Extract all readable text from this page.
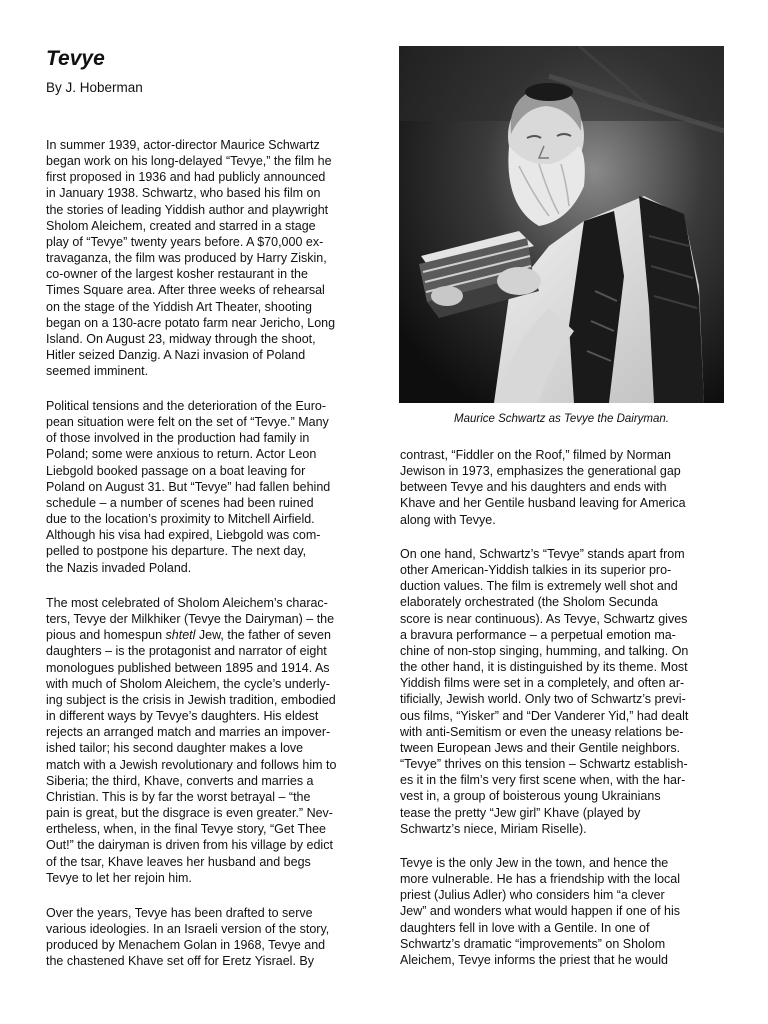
Tevye

By J. Hoberman

In summer 1939, actor-director Maurice Schwartz
began work on his long-delayed “Tevye,” the film he
first proposed in 1936 and had publicly announced
in January 1938. Schwartz, who based his film on
the stories of leading Yiddish author and playwright
Sholom Aleichem, created and starred in a stage
play of “Tevye” twenty years before. A $70,000 ex-
travaganza, the film was produced by Harry Ziskin,
co-owner of the largest kosher restaurant in the
Times Square area. After three weeks of rehearsal
on the stage of the Yiddish Art Theater, shooting
began on a 130-acre potato farm near Jericho, Long
Island. On August 23, midway through the shoot,
Hitler seized Danzig. A Nazi invasion of Poland
seemed imminent.

Political tensions and the deterioration of the Euro-
pean situation were felt on the set of “Tevye.” Many
of those involved in the production had family in
Poland; some were anxious to return. Actor Leon
Liebgold booked passage on a boat leaving for
Poland on August 31. But “Tevye” had fallen behind
schedule – a number of scenes had been ruined
due to the location’s proximity to Mitchell Airfield.
Although his visa had expired, Liebgold was com-
pelled to postpone his departure. The next day,
the Nazis invaded Poland.

The most celebrated of Sholom Aleichem’s charac-
ters, Tevye der Milkhiker (Tevye the Dairyman) – the
pious and homespun shtetl Jew, the father of seven
daughters – is the protagonist and narrator of eight
monologues published between 1895 and 1914. As
with much of Sholom Aleichem, the cycle’s underly-
ing subject is the crisis in Jewish tradition, embodied
in different ways by Tevye’s daughters. His eldest
rejects an arranged match and marries an impover-
ished tailor; his second daughter makes a love
match with a Jewish revolutionary and follows him to
Siberia; the third, Khave, converts and marries a
Christian. This is by far the worst betrayal – “the
pain is great, but the disgrace is even greater.” Nev-
ertheless, when, in the final Tevye story, “Get Thee
Out!” the dairyman is driven from his village by edict
of the tsar, Khave leaves her husband and begs
Tevye to let her rejoin him.

Over the years, Tevye has been drafted to serve
various ideologies. In an Israeli version of the story,
produced by Menachem Golan in 1968, Tevye and
the chastened Khave set off for Eretz Yisrael. By

Maurice Schwartz as Tevye the Dairyman.

contrast, “Fiddler on the Roof,” filmed by Norman
Jewison in 1973, emphasizes the generational gap
between Tevye and his daughters and ends with
Khave and her Gentile husband leaving for America
along with Tevye.

On one hand, Schwartz’s “Tevye” stands apart from
other American-Yiddish talkies in its superior pro-
duction values. The film is extremely well shot and
elaborately orchestrated (the Sholom Secunda
score is near continuous). As Tevye, Schwartz gives
a bravura performance – a perpetual emotion ma-
chine of non-stop singing, humming, and talking. On
the other hand, it is distinguished by its theme. Most
Yiddish films were set in a completely, and often ar-
tificially, Jewish world. Only two of Schwartz’s previ-
ous films, “Yisker” and “Der Vanderer Yid,” had dealt
with anti-Semitism or even the uneasy relations be-
tween European Jews and their Gentile neighbors.
“Tevye” thrives on this tension – Schwartz establish-
es it in the film’s very first scene when, with the har-
vest in, a group of boisterous young Ukrainians
tease the pretty “Jew girl” Khave (played by
Schwartz’s niece, Miriam Riselle).

Tevye is the only Jew in the town, and hence the
more vulnerable. He has a friendship with the local
priest (Julius Adler) who considers him “a clever
Jew” and wonders what would happen if one of his
daughters fell in love with a Gentile. In one of
Schwartz’s dramatic “improvements” on Sholom
Aleichem, Tevye informs the priest that he would
